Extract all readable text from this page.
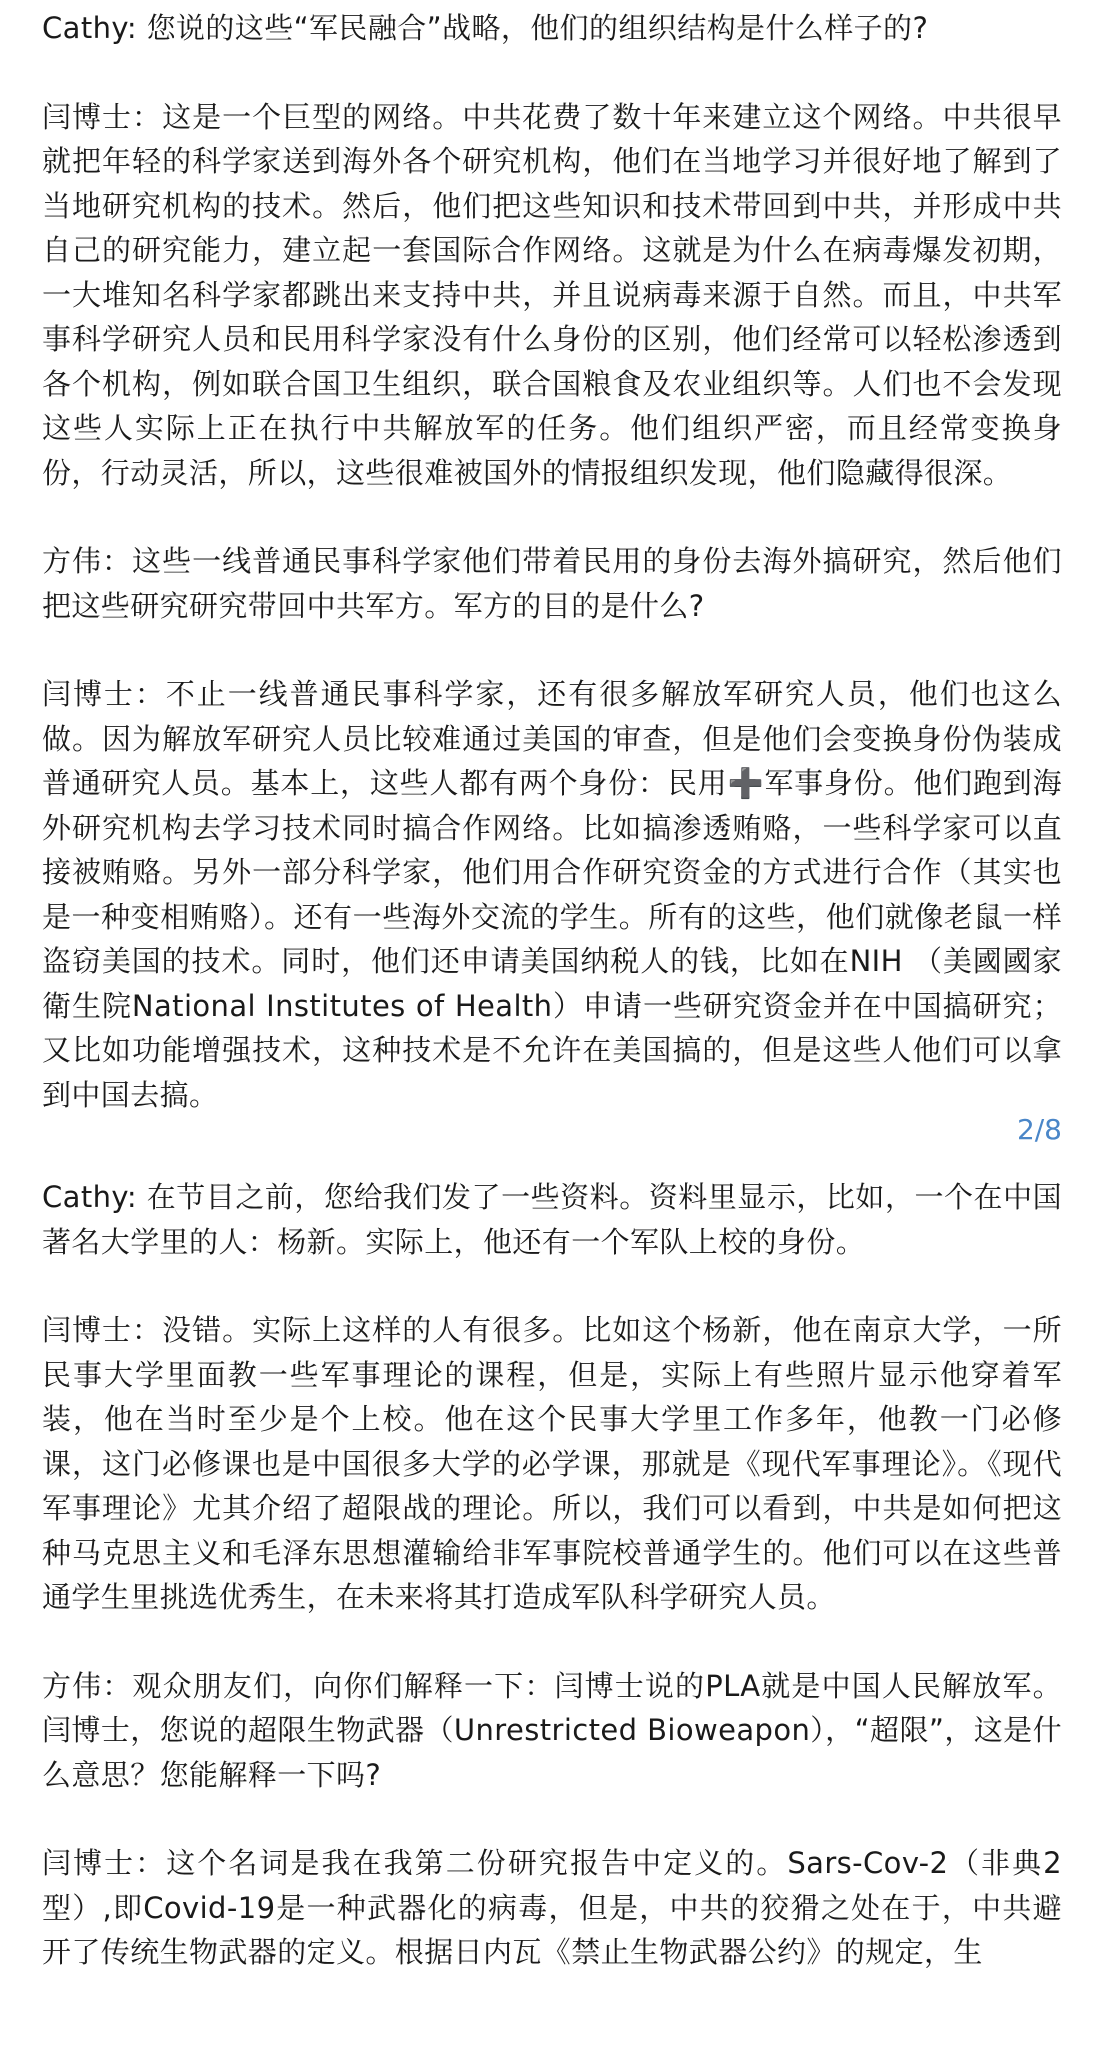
Cathy: 您说的这些“军民融合”战略，他们的组织结构是什么样子的?

闫博士：这是一个巨型的网络。中共花费了数十年来建立这个网络。中共很早就把年轻的科学家送到海外各个研究机构，他们在当地学习并很好地了解到了当地研究机构的技术。然后，他们把这些知识和技术带回到中共，并形成中共自己的研究能力，建立起一套国际合作网络。这就是为什么在病毒爆发初期，一大堆知名科学家都跳出来支持中共，并且说病毒来源于自然。而且，中共军事科学研究人员和民用科学家没有什么身份的区别，他们经常可以轻松渗透到各个机构，例如联合国卫生组织，联合国粮食及农业组织等。人们也不会发现这些人实际上正在执行中共解放军的任务。他们组织严密，而且经常变换身份，行动灵活，所以，这些很难被国外的情报组织发现，他们隐藏得很深。

方伟：这些一线普通民事科学家他们带着民用的身份去海外搞研究，然后他们把这些研究研究带回中共军方。军方的目的是什么?

闫博士：不止一线普通民事科学家，还有很多解放军研究人员，他们也这么做。因为解放军研究人员比较难通过美国的审查，但是他们会变换身份伪装成普通研究人员。基本上，这些人都有两个身份：民用➕军事身份。他们跑到海外研究机构去学习技术同时搞合作网络。比如搞渗透贿赂，一些科学家可以直接被贿赂。另外一部分科学家，他们用合作研究资金的方式进行合作（其实也是一种变相贿赂）。还有一些海外交流的学生。所有的这些，他们就像老鼠一样盗窃美国的技术。同时，他们还申请美国纳税人的钱，比如在NIH （美國國家衛生院National Institutes of Health）申请一些研究资金并在中国搞研究；又比如功能增强技术，这种技术是不允许在美国搞的，但是这些人他们可以拿到中国去搞。

2/8

Cathy: 在节目之前，您给我们发了一些资料。资料里显示，比如，一个在中国著名大学里的人：杨新。实际上，他还有一个军队上校的身份。

闫博士：没错。实际上这样的人有很多。比如这个杨新，他在南京大学，一所民事大学里面教一些军事理论的课程，但是，实际上有些照片显示他穿着军装，他在当时至少是个上校。他在这个民事大学里工作多年，他教一门必修课，这门必修课也是中国很多大学的必学课，那就是《现代军事理论》。《现代军事理论》尤其介绍了超限战的理论。所以，我们可以看到，中共是如何把这种马克思主义和毛泽东思想灌输给非军事院校普通学生的。他们可以在这些普通学生里挑选优秀生，在未来将其打造成军队科学研究人员。

方伟：观众朋友们，向你们解释一下：闫博士说的PLA就是中国人民解放军。闫博士，您说的超限生物武器（Unrestricted Bioweapon），“超限”，这是什么意思？您能解释一下吗?

闫博士：这个名词是我在我第二份研究报告中定义的。Sars-Cov-2（非典2型）,即Covid-19是一种武器化的病毒，但是，中共的狡猾之处在于，中共避开了传统生物武器的定义。根据日内瓦《禁止生物武器公约》的规定，生
